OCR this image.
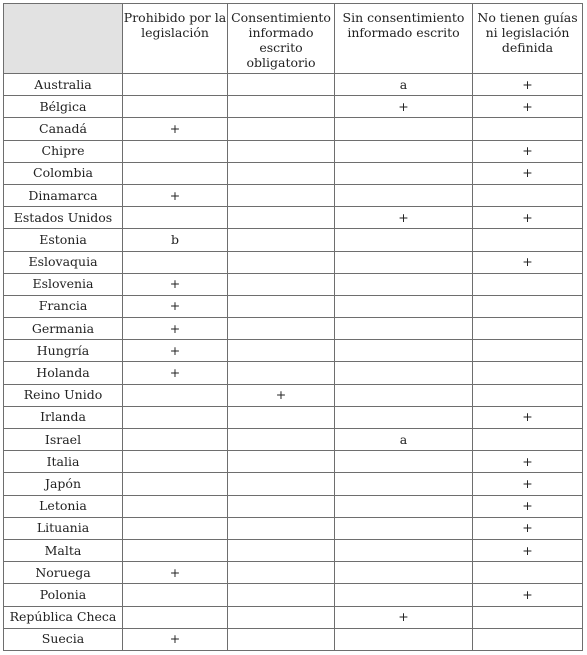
	Prohibido por la legislación	Consentimiento informado escrito obligatorio	Sin consentimiento informado escrito	No tienen guías ni legislación definida
Australia			a	+
Bélgica			+	+
Canadá	+			
Chipre				+
Colombia				+
Dinamarca	+			
Estados Unidos			+	+
Estonia	b			
Eslovaquia				+
Eslovenia	+			
Francia	+			
Germania	+			
Hungría	+			
Holanda	+			
Reino Unido		+		
Irlanda				+
Israel			a	
Italia				+
Japón				+
Letonia				+
Lituania				+
Malta				+
Noruega	+			
Polonia				+
República Checa			+	
Suecia	+			
